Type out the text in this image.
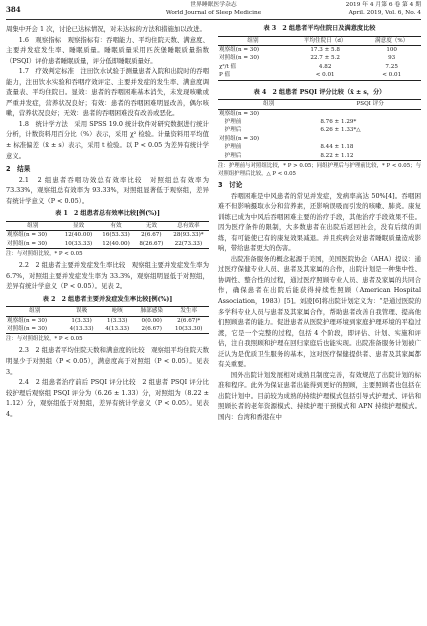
384	世界睡眠医学杂志
World Journal of Sleep Medicine
2019 年 4 月第 6 卷 第 4 期
April. 2019, Vol. 6, No. 4

周集中开会 1 次，讨论已达标情况，对未达标的方法和措施加以改进。

1.6　观察指标　观察指标有：吞咽能力、平均住院天数、满意度、主要并发症发生率、睡眠质量。睡眠质量采用匹茨堡睡眠质量指数（PSQI）评价患者睡眠质量，评分低即睡眠质量好。

1.7　疗效判定标准　注田饮水试验于测量患者入院和出院时的吞咽能力，注田饮水实验和吞咽疗效评定、主要并发症的发生率、满意度调查量表、平均住院日。显效：患者的吞咽困难基本消失，未发现咳嗽或严重并发症，营养状况良好；有效：患者的吞咽困难明显改善，偶尔咳嗽，营养状况良好；无效：患者的吞咽困难没有改善或恶化。

1.8　统计学方法　采用 SPSS 19.0 统计软件对研究数据进行统计分析，计数资料用百分比（%）表示，采用 χ² 检验。计量资料用平均值 ± 标准偏差（x̄ ± s）表示，采用 t 检验。以 P < 0.05 为差异有统计学意义。

2　结果

2.1　2 组患者吞咽功效总有效率比较　对照组总有效率为 73.33%，观察组总有效率为 93.33%，对照组显著低于观察组，差异有统计学意义（P < 0.05）。

表 1　2 组患者总有效率比较[例(%)]
组别	显效	有效	无效	总有效率
观察组(n = 30)	12(40.00)	16(53.33)	2(6.67)	28(93.33)*
对照组(n = 30)	10(33.33)	12(40.00)	8(26.67)	22(73.33)
注：与对照组比较，* P < 0.05

2.2　2 组患者主要并发症发生率比较　观察组主要并发症发生率为 6.7%，对照组主要并发症发生率为 33.3%，观察组明显低于对照组，差异有统计学意义（P < 0.05）。见表 2。

表 2　2 组患者主要并发症发生率比较[例(%)]
组别	误吸	呛咳	肺部感染	发生率
观察组(n = 30)	1(3.33)	1(3.33)	0(0.00)	2(6.67)*
对照组(n = 30)	4(13.33)	4(13.33)	2(6.67)	10(33.30)
注：与对照组比较，* P < 0.05

2.3　2 组患者平均住院天数和满意度的比较　观察组平均住院天数明显少于对照组（P < 0.05），满意度高于对照组（P < 0.05）。见表 3。

2.4　2 组患者治疗前后 PSQI 评分比较　2 组患者 PSQI 评分比较护理后观察组 PSQI 评分为（6.26 ± 1.33）分，对照组为（8.22 ± 1.12）分，观察组低于对照组，差异有统计学意义（P < 0.05）。见表 4。

表 3　2 组患者平均住院日及满意度比较
组别	平均住院日（d）	满意度（%）
观察组(n = 30)	17.3 ± 5.8	100
对照组(n = 30)	22.7 ± 5.2	93
χ²/t 值	4.82	7.25
P 值	< 0.01	< 0.01
表 4　2 组患者 PSQI 评分比较（x̄ ± s，分）
组别	PSQI 评分
观察组(n = 30)	
　护理前	8.76 ± 1.29*
　护理后	6.26 ± 1.33*△
对照组(n = 30)	
　护理前	8.44 ± 1.18
　护理后	8.22 ± 1.12
注：护理前与对照组比较，* P > 0.05；同组护理后与护理前比较，* P < 0.05；与对照组护理后比较，△ P < 0.05

3　讨论

吞咽困难是中风患者的常见并发症，发病率高达 50%[4]。吞咽困难不但影响摄取水分和营养素，还影响误吸而引发的咳嗽、肺炎。康复训练已成为中风后吞咽困难主要的治疗手段，其他治疗手段效果不佳。因为医疗条件的限制，大多数患者在出院后返回社会，没有后续的训练，有可能使已有的康复效果减退。并且疾病会对患者睡眠质量造成影响，带给患者更大的伤害。

出院准备服务的概念起源于美国，美国医院协会（AHA）提议：通过医疗保健专业人员、患者及其家属的合作，出院计划是一种集中性、协调性、整合性的过程，通过医疗照顾专业人员、患者及家属的共同合作，确保患者在出院后能获得持续性照顾（American Hospital Association，1983）[5]。刘凌[6]将出院计划定义为：“是通过医院的多学科专业人员与患者及其家属合作，帮助患者改善自我管理、提高他们照顾患者的能力。促进患者从医院护理环境到家庭护理环境的平稳过渡，它是一个完整的过程，包括 4 个阶段，即评估、计划、实施和评估，注自我照顾和护理在回归家庭后也能实现。出院准备服务计划被广泛认为是优质卫生服务的基本，这对医疗保健提供者、患者及其家属都有关重要。

国外出院计划发展相对成熟且制度完善，有效规范了出院计划的标准和程序。此外为保证患者出能得到更好的照顾，主要照顾者也包括在出院计划中。目前较为成熟的持续护理模式包括引导式护理式、评估和照顾长者的老年资源模式、持续护理干预模式和 APN 持续护理模式。国内：台湾和香港在中
